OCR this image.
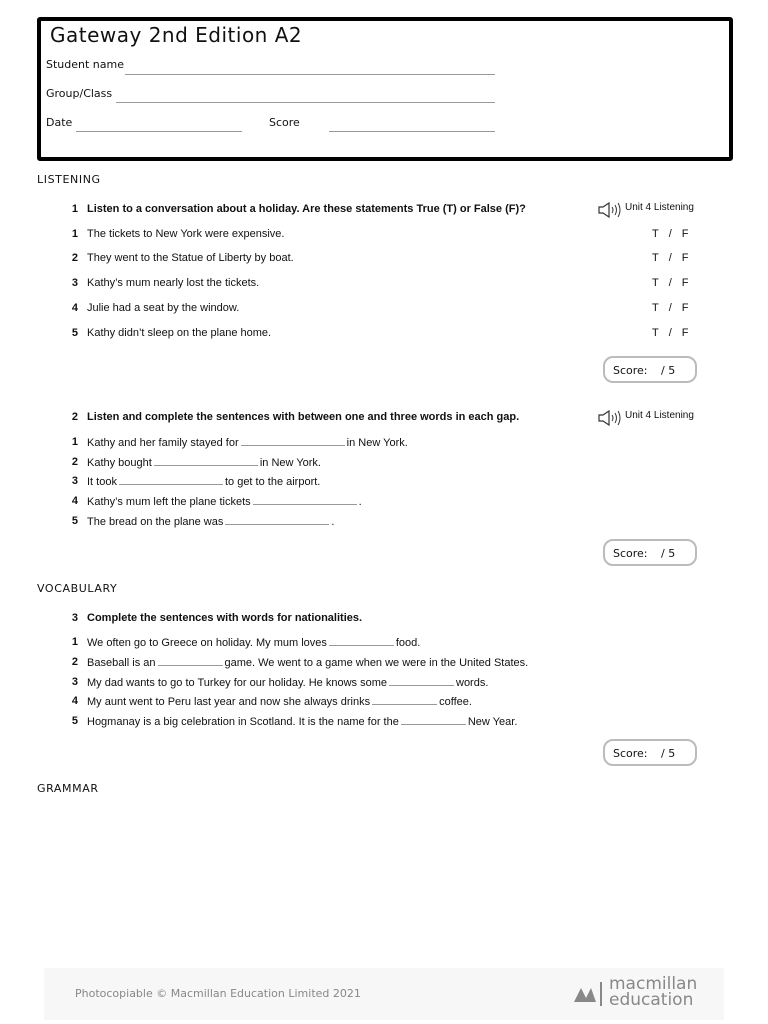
Gateway 2nd Edition A2
Student name
Group/Class
Date	Score
LISTENING
1 Listen to a conversation about a holiday. Are these statements True (T) or False (F)?	Unit 4 Listening
1 The tickets to New York were expensive.	T / F
2 They went to the Statue of Liberty by boat.	T / F
3 Kathy’s mum nearly lost the tickets.	T / F
4 Julie had a seat by the window.	T / F
5 Kathy didn’t sleep on the plane home.	T / F
Score: / 5
2 Listen and complete the sentences with between one and three words in each gap.	Unit 4 Listening
1 Kathy and her family stayed for	in New York.
2 Kathy bought	in New York.
3 It took	to get to the airport.
4 Kathy’s mum left the plane tickets	.
5 The bread on the plane was	.
Score: / 5
VOCABULARY
3 Complete the sentences with words for nationalities.
1 We often go to Greece on holiday. My mum loves	food.
2 Baseball is an	game. We went to a game when we were in the United States.
3 My dad wants to go to Turkey for our holiday. He knows some	words.
4 My aunt went to Peru last year and now she always drinks	coffee.
5 Hogmanay is a big celebration in Scotland. It is the name for the	New Year.
Score: / 5
GRAMMAR
Photocopiable © Macmillan Education Limited 2021	macmillan
education
